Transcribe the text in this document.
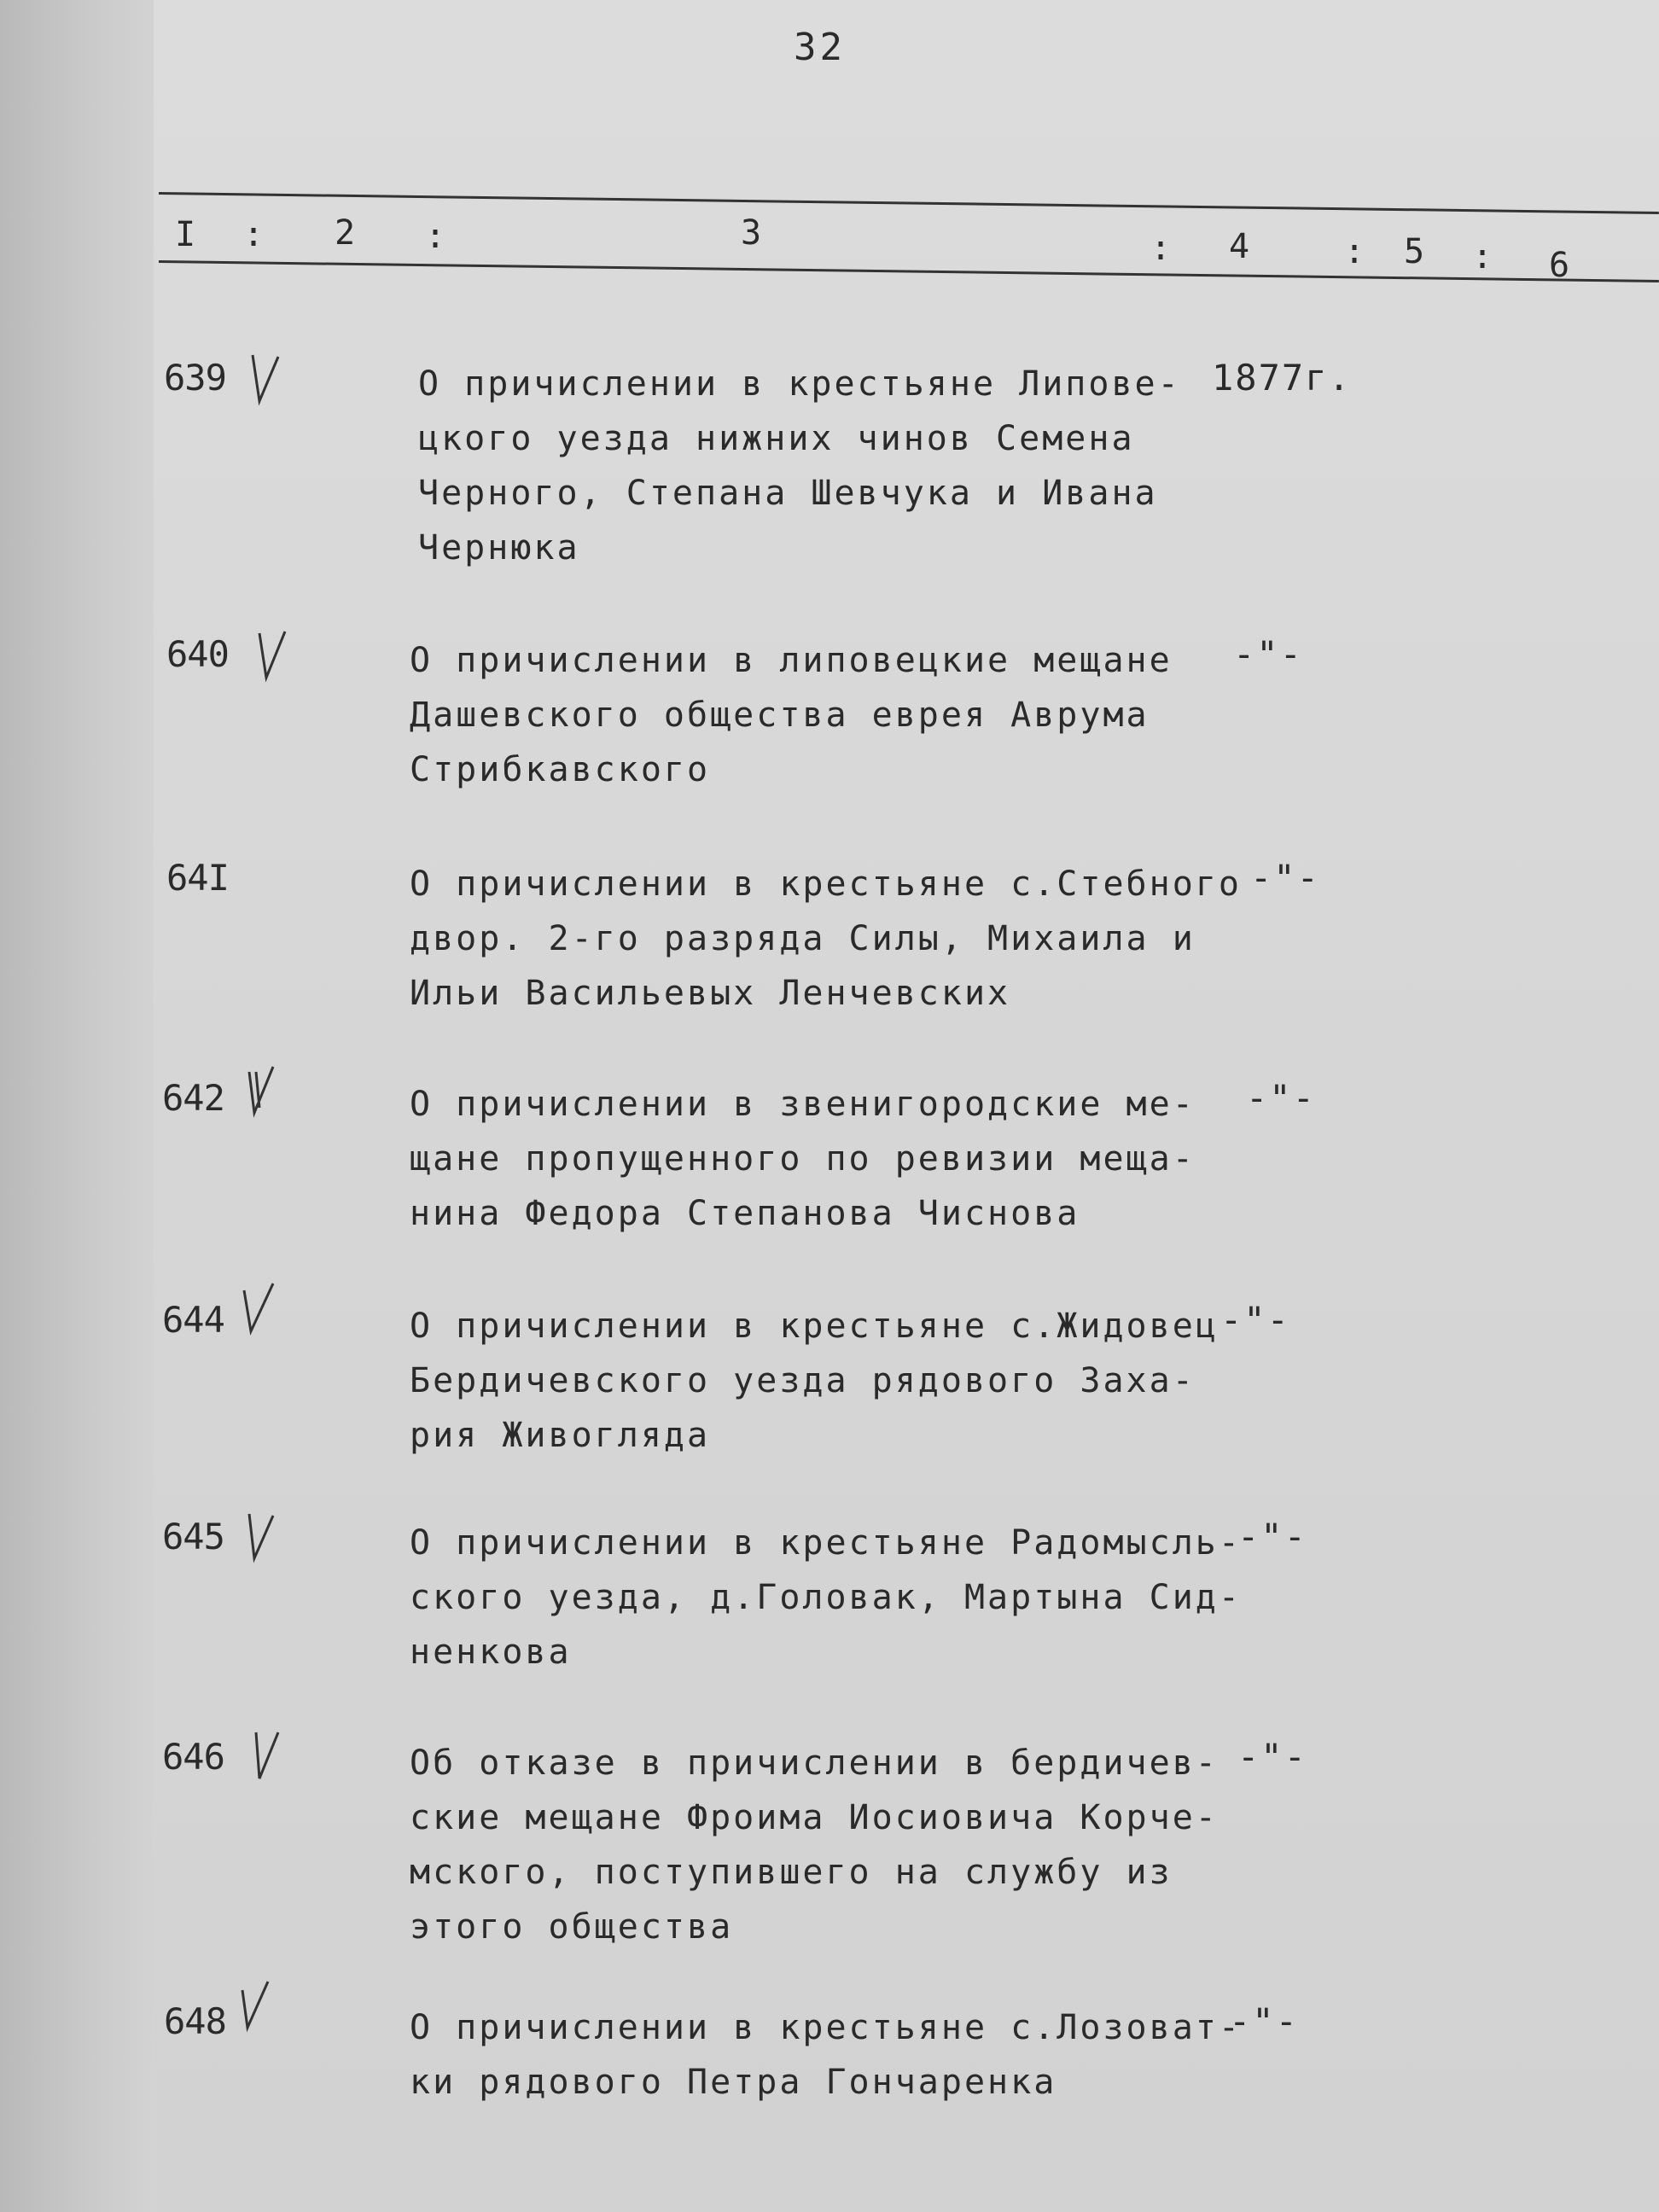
32
I : 2 :	3	: 4	: 5 : 6
639	О причислении в крестьяне Липове-
цкого уезда нижних чинов Семена
Черного, Степана Шевчука и Ивана
Чернюка
1877г.
640	О причислении в липовецкие мещане
Дашевского общества еврея Аврума
Стрибкавского
-"-
64I	О причислении в крестьяне с.Стебного
двор. 2-го разряда Силы, Михаила и
Ильи Васильевых Ленчевских
-"-
642	О причислении в звенигородские ме-
щане пропущенного по ревизии меща-
нина Федора Степанова Чиснова
-"-
644	О причислении в крестьяне с.Жидовец
Бердичевского уезда рядового Заха-
рия Живогляда
-"-
645	О причислении в крестьяне Радомысль-
ского уезда, д.Головак, Мартына Сид-
ненкова
-"-
646	Об отказе в причислении в бердичев-
ские мещане Фроима Иосиовича Корче-
мского, поступившего на службу из
этого общества
-"-
648	О причислении в крестьяне с.Лозоват-
ки рядового Петра Гончаренка
-"-
